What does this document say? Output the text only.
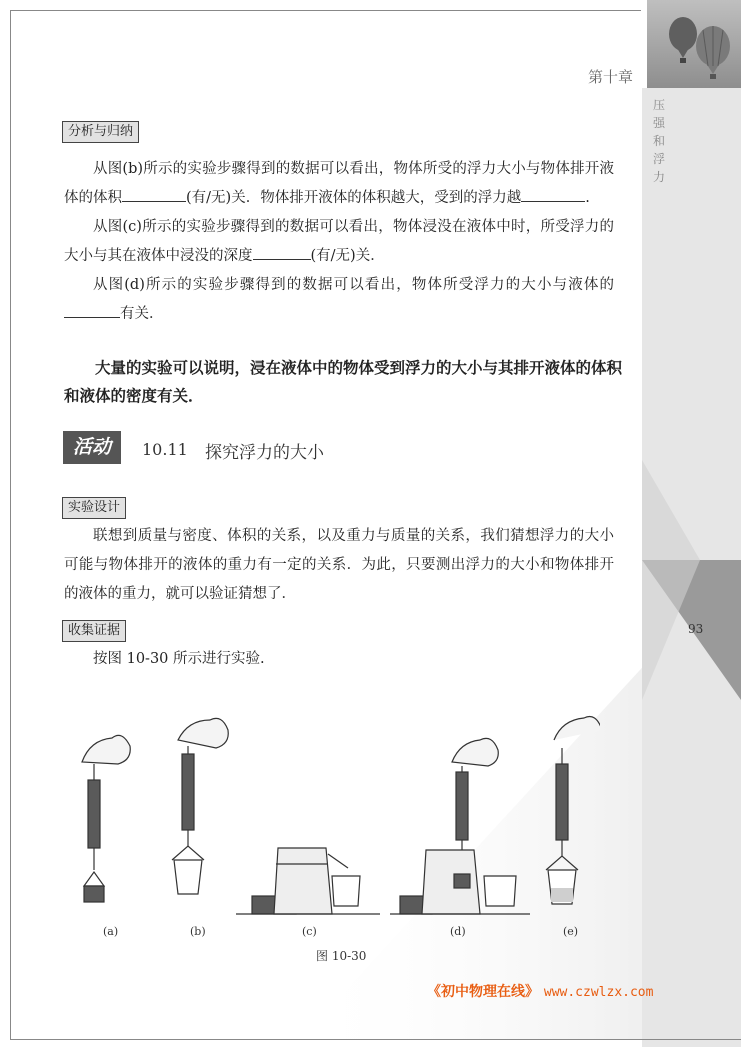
第十章
压
强
和
浮
力
93
分析与归纳

从图(b)所示的实验步骤得到的数据可以看出，物体所受的浮力大小与物体排开液体的体积	(有/无)关．物体排开液体的体积越大，受到的浮力越	.

从图(c)所示的实验步骤得到的数据可以看出，物体浸没在液体中时，所受浮力的大小与其在液体中浸没的深度	(有/无)关．

从图(d)所示的实验步骤得到的数据可以看出，物体所受浮力的大小与液体的有关．

大量的实验可以说明，浸在液体中的物体受到浮力的大小与其排开液体的体积和液体的密度有关．
活动	10.11 探究浮力的大小
实验设计
联想到质量与密度、体积的关系，以及重力与质量的关系，我们猜想浮力的大小可能与物体排开的液体的重力有一定的关系．为此，只要测出浮力的大小和物体排开的液体的重力，就可以验证猜想了．
收集证据
按图 10-30 所示进行实验.
(a)	(b)	(c)	(d)	(e)
图 10-30
《初中物理在线》 www.czwlzx.com
